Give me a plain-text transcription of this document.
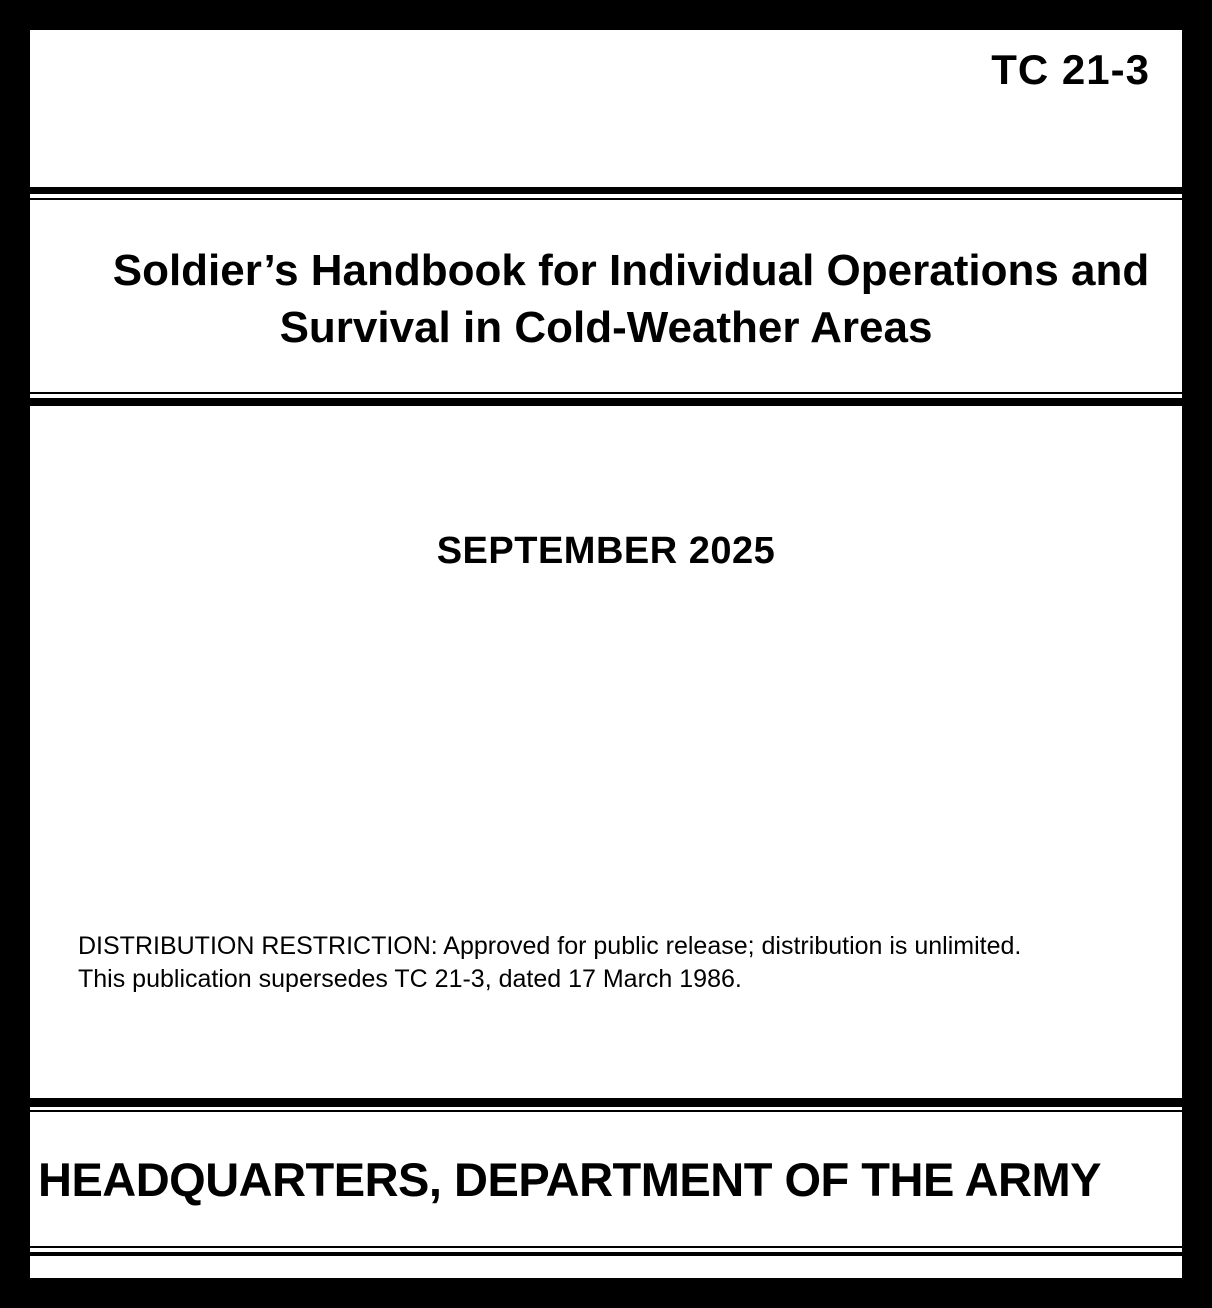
TC 21-3
Soldier’s Handbook for Individual Operations and
Survival in Cold-Weather Areas
SEPTEMBER 2025
DISTRIBUTION RESTRICTION: Approved for public release; distribution is unlimited.
This publication supersedes TC 21-3, dated 17 March 1986.
HEADQUARTERS, DEPARTMENT OF THE ARMY
